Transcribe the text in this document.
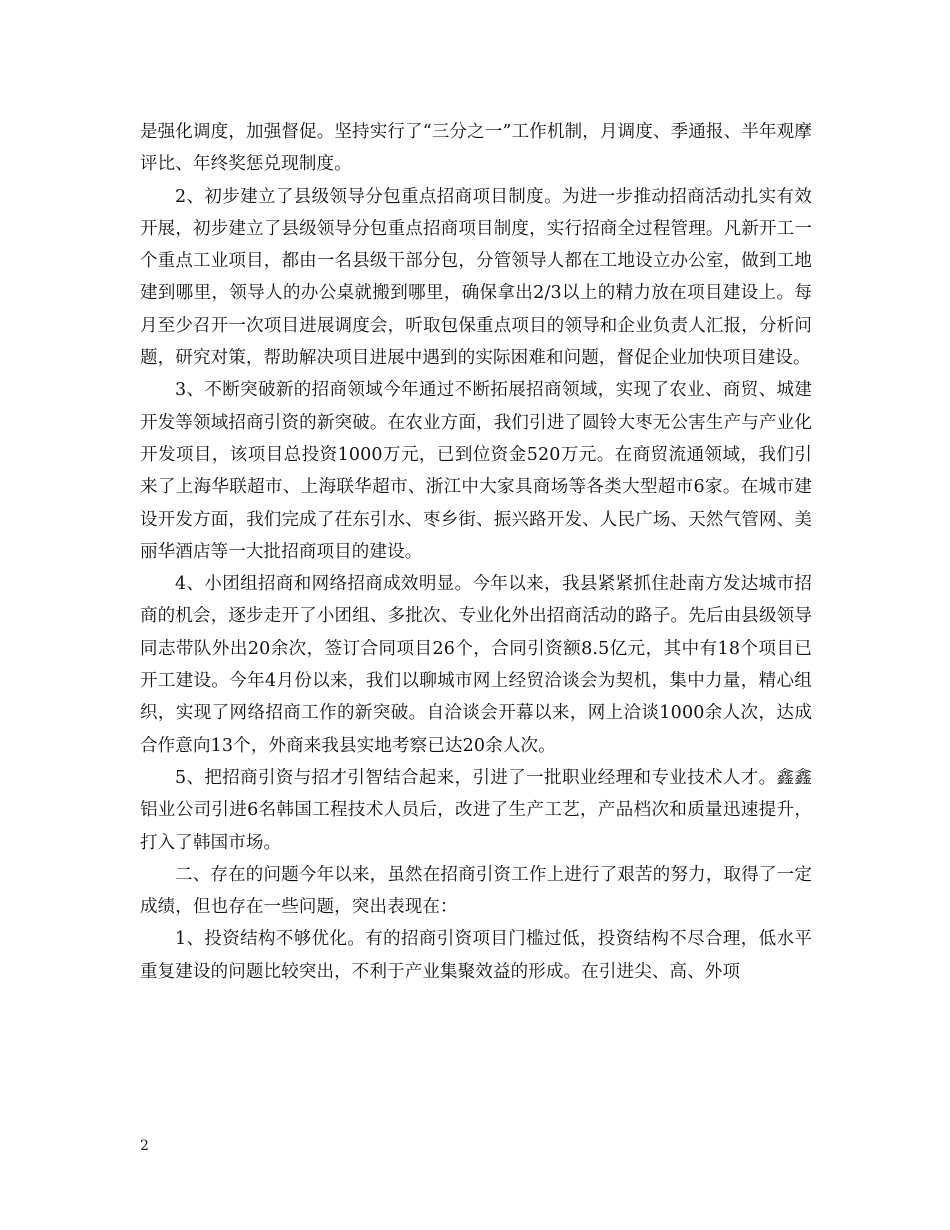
是强化调度，加强督促。坚持实行了“三分之一”工作机制，月调度、季通报、半年观摩评比、年终奖惩兑现制度。

2、初步建立了县级领导分包重点招商项目制度。为进一步推动招商活动扎实有效开展，初步建立了县级领导分包重点招商项目制度，实行招商全过程管理。凡新开工一个重点工业项目，都由一名县级干部分包，分管领导人都在工地设立办公室，做到工地建到哪里，领导人的办公桌就搬到哪里，确保拿出2/3以上的精力放在项目建设上。每月至少召开一次项目进展调度会，听取包保重点项目的领导和企业负责人汇报，分析问题，研究对策，帮助解决项目进展中遇到的实际困难和问题，督促企业加快项目建设。

3、不断突破新的招商领域今年通过不断拓展招商领域，实现了农业、商贸、城建开发等领域招商引资的新突破。在农业方面，我们引进了圆铃大枣无公害生产与产业化开发项目，该项目总投资1000万元，已到位资金520万元。在商贸流通领域，我们引来了上海华联超市、上海联华超市、浙江中大家具商场等各类大型超市6家。在城市建设开发方面，我们完成了茌东引水、枣乡街、振兴路开发、人民广场、天然气管网、美丽华酒店等一大批招商项目的建设。

4、小团组招商和网络招商成效明显。今年以来，我县紧紧抓住赴南方发达城市招商的机会，逐步走开了小团组、多批次、专业化外出招商活动的路子。先后由县级领导同志带队外出20余次，签订合同项目26个，合同引资额8.5亿元，其中有18个项目已开工建设。今年4月份以来，我们以聊城市网上经贸洽谈会为契机，集中力量，精心组织，实现了网络招商工作的新突破。自洽谈会开幕以来，网上洽谈1000余人次，达成合作意向13个，外商来我县实地考察已达20余人次。

5、把招商引资与招才引智结合起来，引进了一批职业经理和专业技术人才。鑫鑫铝业公司引进6名韩国工程技术人员后，改进了生产工艺，产品档次和质量迅速提升，打入了韩国市场。

二、存在的问题今年以来，虽然在招商引资工作上进行了艰苦的努力，取得了一定成绩，但也存在一些问题，突出表现在：

1、投资结构不够优化。有的招商引资项目门槛过低，投资结构不尽合理，低水平重复建设的问题比较突出，不利于产业集聚效益的形成。在引进尖、高、外项

2
